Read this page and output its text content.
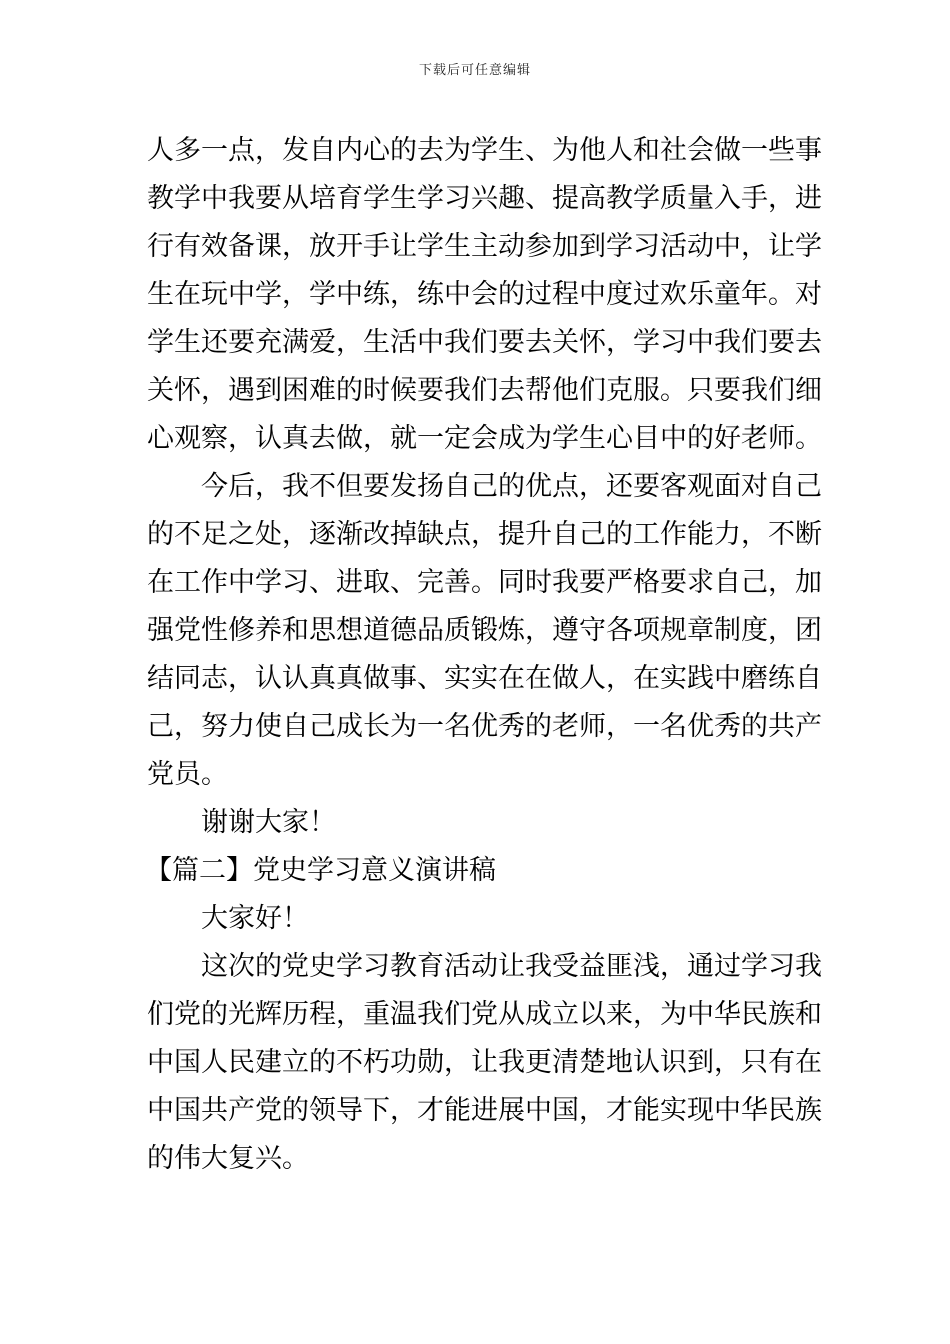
下载后可任意编辑
人多一点，发自内心的去为学生、为他人和社会做一些事
教学中我要从培育学生学习兴趣、提高教学质量入手，进
行有效备课，放开手让学生主动参加到学习活动中，让学
生在玩中学，学中练，练中会的过程中度过欢乐童年。对
学生还要充满爱，生活中我们要去关怀，学习中我们要去
关怀，遇到困难的时候要我们去帮他们克服。只要我们细
心观察，认真去做，就一定会成为学生心目中的好老师。
今后，我不但要发扬自己的优点，还要客观面对自己
的不足之处，逐渐改掉缺点，提升自己的工作能力，不断
在工作中学习、进取、完善。同时我要严格要求自己，加
强党性修养和思想道德品质锻炼，遵守各项规章制度，团
结同志，认认真真做事、实实在在做人，在实践中磨练自
己，努力使自己成长为一名优秀的老师，一名优秀的共产
党员。
谢谢大家！
【篇二】党史学习意义演讲稿
大家好！
这次的党史学习教育活动让我受益匪浅，通过学习我
们党的光辉历程，重温我们党从成立以来，为中华民族和
中国人民建立的不朽功勋，让我更清楚地认识到，只有在
中国共产党的领导下，才能进展中国，才能实现中华民族
的伟大复兴。
